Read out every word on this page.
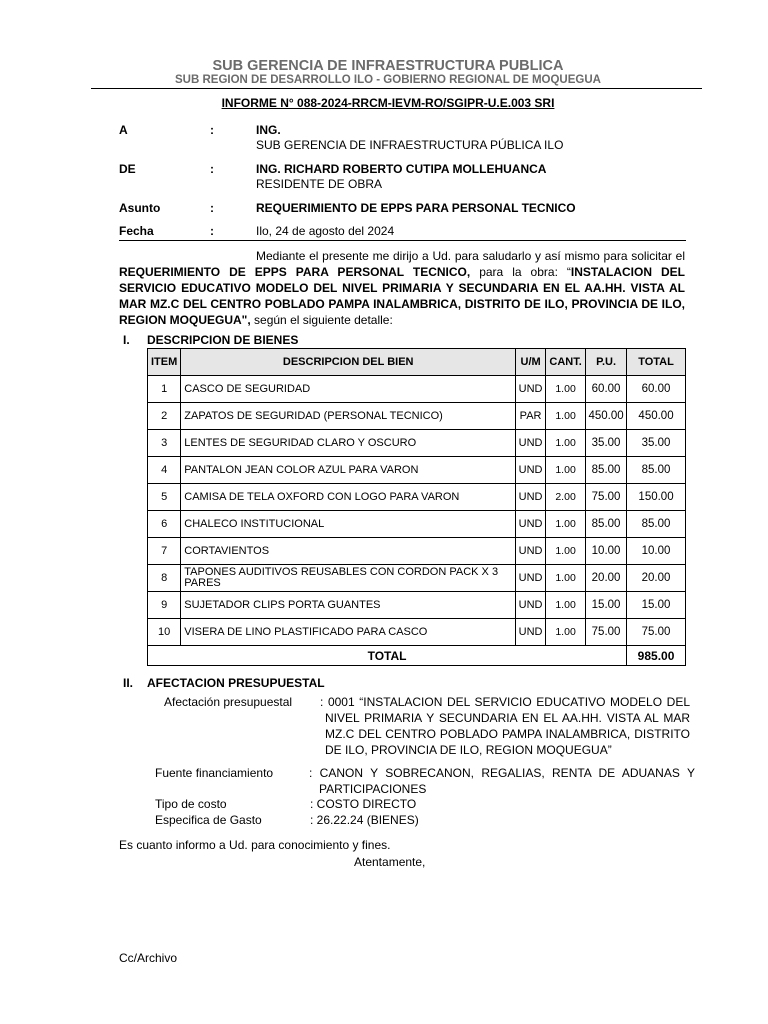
SUB GERENCIA DE INFRAESTRUCTURA PUBLICA
SUB REGION DE DESARROLLO ILO - GOBIERNO REGIONAL DE MOQUEGUA
INFORME N° 088-2024-RRCM-IEVM-RO/SGIPR-U.E.003 SRI
A	:	ING.
SUB GERENCIA DE INFRAESTRUCTURA PÚBLICA ILO
DE	:	ING. RICHARD ROBERTO CUTIPA MOLLEHUANCA
RESIDENTE DE OBRA
Asunto	:	REQUERIMIENTO DE EPPS PARA PERSONAL TECNICO
Fecha	:	Ilo, 24 de agosto del 2024
Mediante el presente me dirijo a Ud. para saludarlo y así mismo para solicitar el REQUERIMIENTO DE EPPS PARA PERSONAL TECNICO, para la obra: “INSTALACION DEL SERVICIO EDUCATIVO MODELO DEL NIVEL PRIMARIA Y SECUNDARIA EN EL AA.HH. VISTA AL MAR MZ.C DEL CENTRO POBLADO PAMPA INALAMBRICA, DISTRITO DE ILO, PROVINCIA DE ILO, REGION MOQUEGUA", según el siguiente detalle:
I. DESCRIPCION DE BIENES
ITEM	DESCRIPCION DEL BIEN	U/M	CANT.	P.U.	TOTAL
1	CASCO DE SEGURIDAD	UND	1.00	60.00	60.00
2	ZAPATOS DE SEGURIDAD (PERSONAL TECNICO)	PAR	1.00	450.00	450.00
3	LENTES DE SEGURIDAD CLARO Y OSCURO	UND	1.00	35.00	35.00
4	PANTALON JEAN COLOR AZUL PARA VARON	UND	1.00	85.00	85.00
5	CAMISA DE TELA OXFORD CON LOGO PARA VARON	UND	2.00	75.00	150.00
6	CHALECO INSTITUCIONAL	UND	1.00	85.00	85.00
7	CORTAVIENTOS	UND	1.00	10.00	10.00
8	TAPONES AUDITIVOS REUSABLES CON CORDON PACK X 3 PARES	UND	1.00	20.00	20.00
9	SUJETADOR CLIPS PORTA GUANTES	UND	1.00	15.00	15.00
10	VISERA DE LINO PLASTIFICADO PARA CASCO	UND	1.00	75.00	75.00
TOTAL					985.00
II. AFECTACION PRESUPUESTAL
Afectación presupuestal : 0001 “INSTALACION DEL SERVICIO EDUCATIVO MODELO DEL NIVEL PRIMARIA Y SECUNDARIA EN EL AA.HH. VISTA AL MAR MZ.C DEL CENTRO POBLADO PAMPA INALAMBRICA, DISTRITO DE ILO, PROVINCIA DE ILO, REGION MOQUEGUA”
Fuente financiamiento	: CANON Y SOBRECANON, REGALIAS, RENTA DE ADUANAS Y PARTICIPACIONES
Tipo de costo	: COSTO DIRECTO
Especifica de Gasto	: 26.22.24 (BIENES)
Es cuanto informo a Ud. para conocimiento y fines.
Atentamente,
Cc/Archivo
